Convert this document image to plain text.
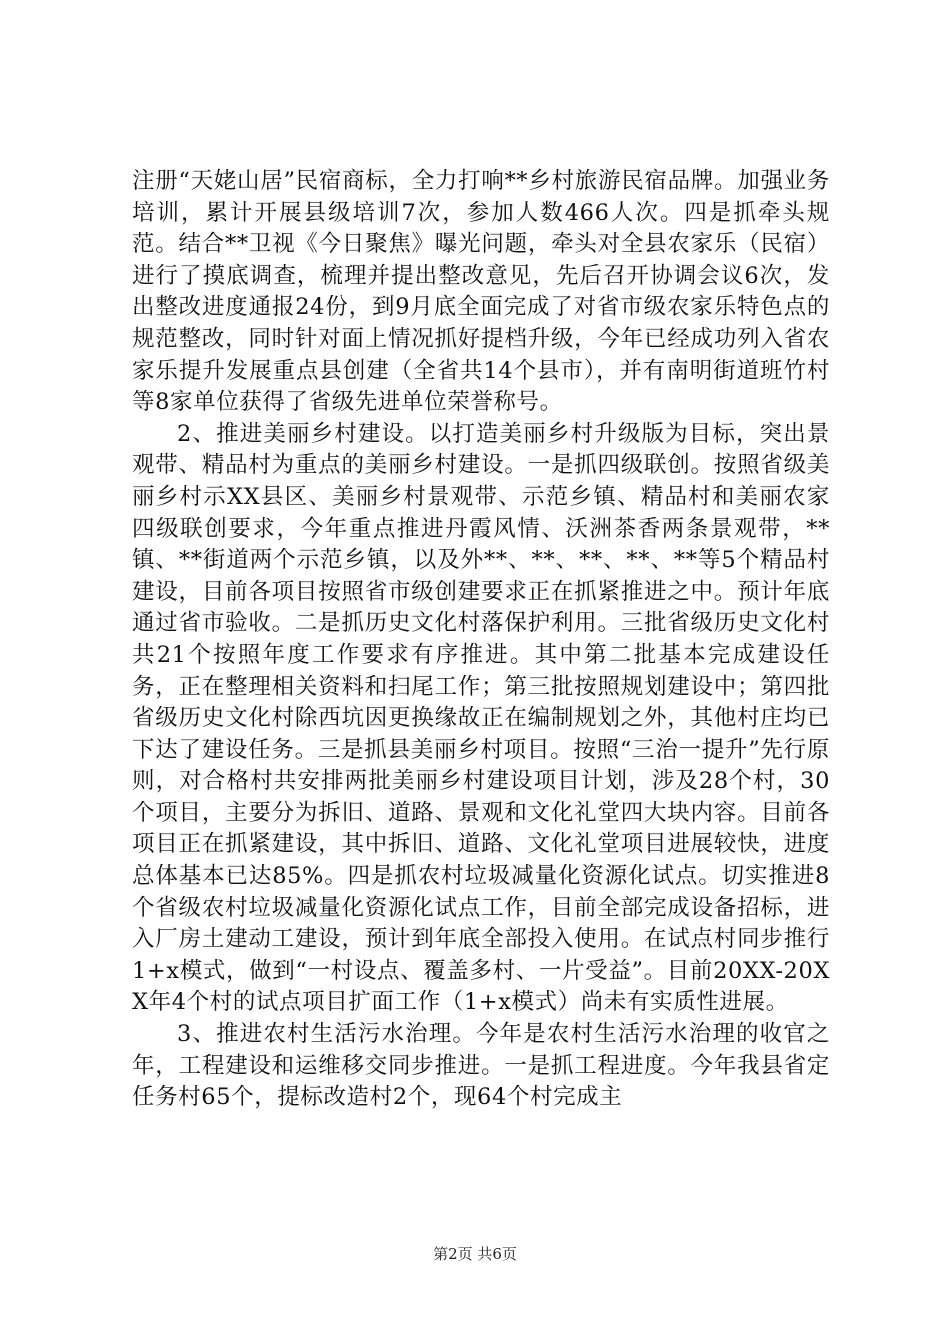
注册“天姥山居”民宿商标，全力打响**乡村旅游民宿品牌。加强业务培训，累计开展县级培训7次，参加人数466人次。四是抓牵头规范。结合**卫视《今日聚焦》曝光问题，牵头对全县农家乐（民宿）进行了摸底调查，梳理并提出整改意见，先后召开协调会议6次，发出整改进度通报24份，到9月底全面完成了对省市级农家乐特色点的规范整改，同时针对面上情况抓好提档升级，今年已经成功列入省农家乐提升发展重点县创建（全省共14个县市），并有南明街道班竹村等8家单位获得了省级先进单位荣誉称号。

2、推进美丽乡村建设。以打造美丽乡村升级版为目标，突出景观带、精品村为重点的美丽乡村建设。一是抓四级联创。按照省级美丽乡村示XX县区、美丽乡村景观带、示范乡镇、精品村和美丽农家四级联创要求，今年重点推进丹霞风情、沃洲茶香两条景观带，**镇、**街道两个示范乡镇，以及外**、**、**、**、**等5个精品村建设，目前各项目按照省市级创建要求正在抓紧推进之中。预计年底通过省市验收。二是抓历史文化村落保护利用。三批省级历史文化村共21个按照年度工作要求有序推进。其中第二批基本完成建设任务，正在整理相关资料和扫尾工作；第三批按照规划建设中；第四批省级历史文化村除西坑因更换缘故正在编制规划之外，其他村庄均已下达了建设任务。三是抓县美丽乡村项目。按照“三治一提升”先行原则，对合格村共安排两批美丽乡村建设项目计划，涉及28个村，30个项目，主要分为拆旧、道路、景观和文化礼堂四大块内容。目前各项目正在抓紧建设，其中拆旧、道路、文化礼堂项目进展较快，进度总体基本已达85%。四是抓农村垃圾减量化资源化试点。切实推进8个省级农村垃圾减量化资源化试点工作，目前全部完成设备招标，进入厂房土建动工建设，预计到年底全部投入使用。在试点村同步推行1+x模式，做到“一村设点、覆盖多村、一片受益”。目前20XX-20XX年4个村的试点项目扩面工作（1+x模式）尚未有实质性进展。

3、推进农村生活污水治理。今年是农村生活污水治理的收官之年，工程建设和运维移交同步推进。一是抓工程进度。今年我县省定任务村65个，提标改造村2个，现64个村完成主

第2页 共6页
